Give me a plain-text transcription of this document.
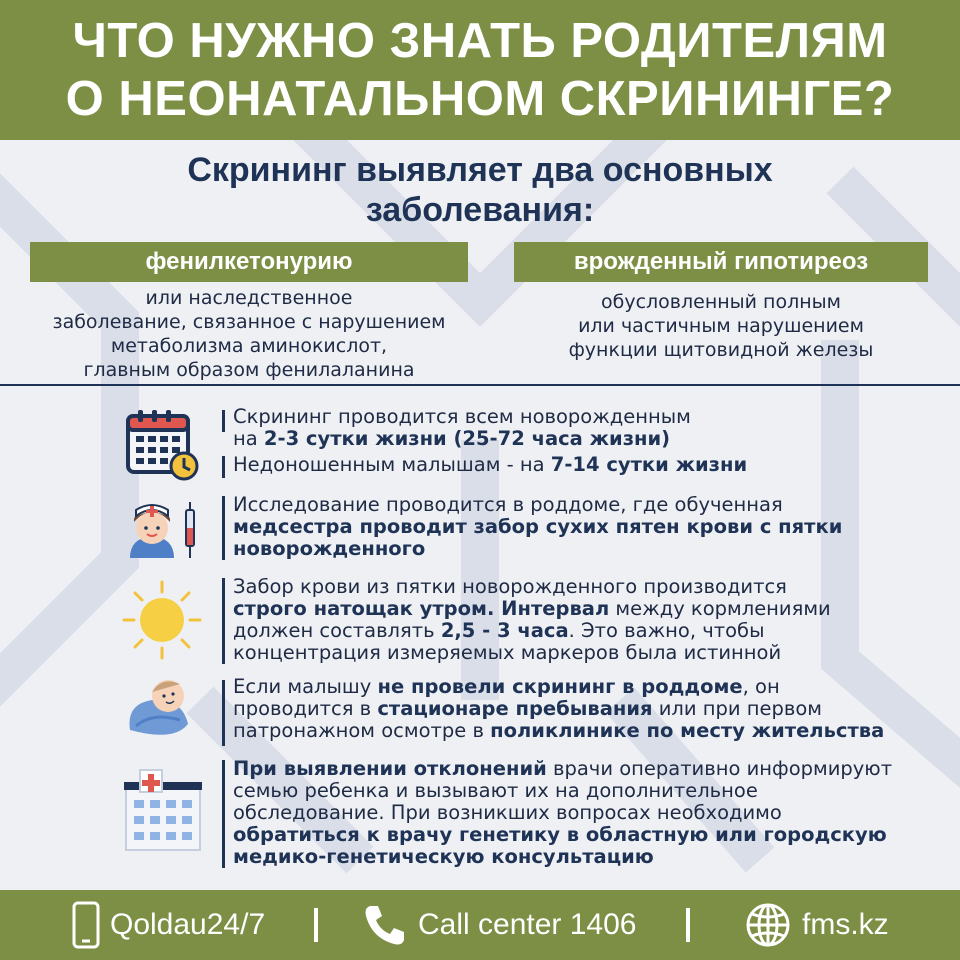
ЧТО НУЖНО ЗНАТЬ РОДИТЕЛЯМ
О НЕОНАТАЛЬНОМ СКРИНИНГЕ?
Скрининг выявляет два основных
заболевания:
фенилкетонурию
или наследственное
заболевание, связанное с нарушением
метаболизма аминокислот,
главным образом фенилаланина
врожденный гипотиреоз
обусловленный полным
или частичным нарушением
функции щитовидной железы
Скрининг проводится всем новорожденным
на 2-3 сутки жизни (25-72 часа жизни)
Недоношенным малышам - на 7-14 сутки жизни
Исследование проводится в роддоме, где обученная
медсестра проводит забор сухих пятен крови с пятки новорожденного
Забор крови из пятки новорожденного производится строго натощак утром. Интервал между кормлениями должен составлять 2,5 - 3 часа. Это важно, чтобы концентрация измеряемых маркеров была истинной
Если малышу не провели скрининг в роддоме, он проводится в стационаре пребывания или при первом патронажном осмотре в поликлинике по месту жительства
При выявлении отклонений врачи оперативно информируют семью ребенка и вызывают их на дополнительное обследование. При возникших вопросах необходимо обратиться к врачу генетику в областную или городскую медико-генетическую консультацию
Qoldau24/7	Call center 1406	fms.kz
